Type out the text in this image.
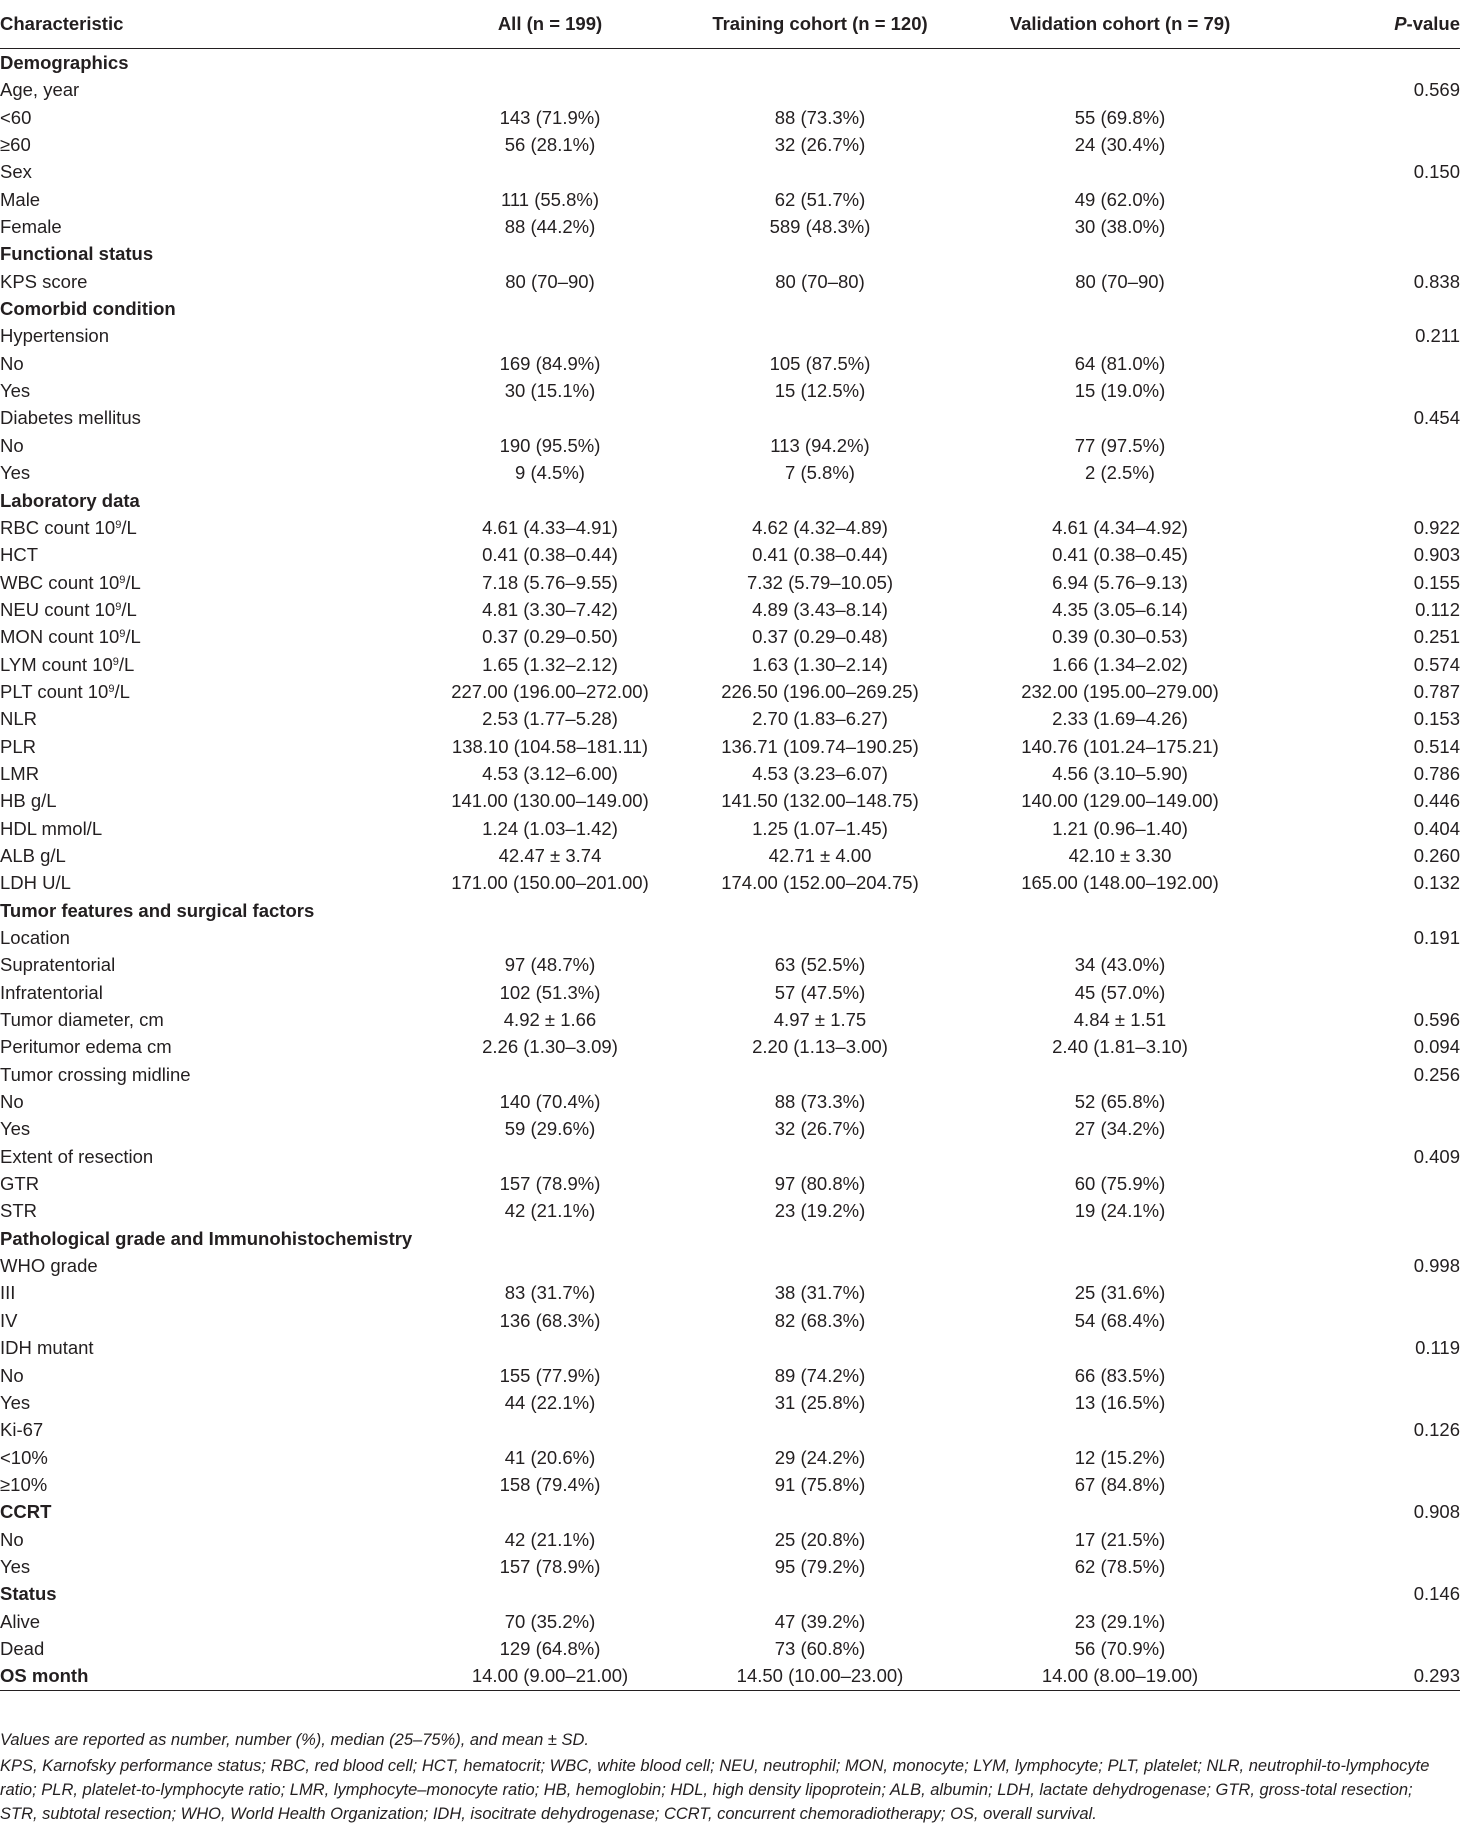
Characteristic	All (n = 199)	Training cohort (n = 120)	Validation cohort (n = 79)	P-value
Demographics				
Age, year				0.569
<60	143 (71.9%)	88 (73.3%)	55 (69.8%)	
≥60	56 (28.1%)	32 (26.7%)	24 (30.4%)	
Sex				0.150
Male	111 (55.8%)	62 (51.7%)	49 (62.0%)	
Female	88 (44.2%)	589 (48.3%)	30 (38.0%)	
Functional status				
KPS score	80 (70–90)	80 (70–80)	80 (70–90)	0.838
Comorbid condition				
Hypertension				0.211
No	169 (84.9%)	105 (87.5%)	64 (81.0%)	
Yes	30 (15.1%)	15 (12.5%)	15 (19.0%)	
Diabetes mellitus				0.454
No	190 (95.5%)	113 (94.2%)	77 (97.5%)	
Yes	9 (4.5%)	7 (5.8%)	2 (2.5%)	
Laboratory data				
RBC count $10^9/L$	4.61 (4.33–4.91)	4.62 (4.32–4.89)	4.61 (4.34–4.92)	0.922
HCT	0.41 (0.38–0.44)	0.41 (0.38–0.44)	0.41 (0.38–0.45)	0.903
WBC count $10^9/L$	7.18 (5.76–9.55)	7.32 (5.79–10.05)	6.94 (5.76–9.13)	0.155
NEU count $10^9/L$	4.81 (3.30–7.42)	4.89 (3.43–8.14)	4.35 (3.05–6.14)	0.112
MON count $10^9/L$	0.37 (0.29–0.50)	0.37 (0.29–0.48)	0.39 (0.30–0.53)	0.251
LYM count $10^9/L$	1.65 (1.32–2.12)	1.63 (1.30–2.14)	1.66 (1.34–2.02)	0.574
PLT count $10^9/L$	227.00 (196.00–272.00)	226.50 (196.00–269.25)	232.00 (195.00–279.00)	0.787
NLR	2.53 (1.77–5.28)	2.70 (1.83–6.27)	2.33 (1.69–4.26)	0.153
PLR	138.10 (104.58–181.11)	136.71 (109.74–190.25)	140.76 (101.24–175.21)	0.514
LMR	4.53 (3.12–6.00)	4.53 (3.23–6.07)	4.56 (3.10–5.90)	0.786
HB g/L	141.00 (130.00–149.00)	141.50 (132.00–148.75)	140.00 (129.00–149.00)	0.446
HDL mmol/L	1.24 (1.03–1.42)	1.25 (1.07–1.45)	1.21 (0.96–1.40)	0.404
ALB g/L	42.47 ± 3.74	42.71 ± 4.00	42.10 ± 3.30	0.260
LDH U/L	171.00 (150.00–201.00)	174.00 (152.00–204.75)	165.00 (148.00–192.00)	0.132
Tumor features and surgical factors				
Location				0.191
Supratentorial	97 (48.7%)	63 (52.5%)	34 (43.0%)	
Infratentorial	102 (51.3%)	57 (47.5%)	45 (57.0%)	
Tumor diameter, cm	4.92 ± 1.66	4.97 ± 1.75	4.84 ± 1.51	0.596
Peritumor edema cm	2.26 (1.30–3.09)	2.20 (1.13–3.00)	2.40 (1.81–3.10)	0.094
Tumor crossing midline				0.256
No	140 (70.4%)	88 (73.3%)	52 (65.8%)	
Yes	59 (29.6%)	32 (26.7%)	27 (34.2%)	
Extent of resection				0.409
GTR	157 (78.9%)	97 (80.8%)	60 (75.9%)	
STR	42 (21.1%)	23 (19.2%)	19 (24.1%)	
Pathological grade and Immunohistochemistry				
WHO grade				0.998
III	83 (31.7%)	38 (31.7%)	25 (31.6%)	
IV	136 (68.3%)	82 (68.3%)	54 (68.4%)	
IDH mutant				0.119
No	155 (77.9%)	89 (74.2%)	66 (83.5%)	
Yes	44 (22.1%)	31 (25.8%)	13 (16.5%)	
Ki-67				0.126
<10%	41 (20.6%)	29 (24.2%)	12 (15.2%)	
≥10%	158 (79.4%)	91 (75.8%)	67 (84.8%)	
CCRT				0.908
No	42 (21.1%)	25 (20.8%)	17 (21.5%)	
Yes	157 (78.9%)	95 (79.2%)	62 (78.5%)	
Status				0.146
Alive	70 (35.2%)	47 (39.2%)	23 (29.1%)	
Dead	129 (64.8%)	73 (60.8%)	56 (70.9%)	
OS month	14.00 (9.00–21.00)	14.50 (10.00–23.00)	14.00 (8.00–19.00)	0.293

Values are reported as number, number (%), median (25–75%), and mean ± SD.

KPS, Karnofsky performance status; RBC, red blood cell; HCT, hematocrit; WBC, white blood cell; NEU, neutrophil; MON, monocyte; LYM, lymphocyte; PLT, platelet; NLR, neutrophil-to-lymphocyte ratio; PLR, platelet-to-lymphocyte ratio; LMR, lymphocyte–monocyte ratio; HB, hemoglobin; HDL, high density lipoprotein; ALB, albumin; LDH, lactate dehydrogenase; GTR, gross-total resection; STR, subtotal resection; WHO, World Health Organization; IDH, isocitrate dehydrogenase; CCRT, concurrent chemoradiotherapy; OS, overall survival.
